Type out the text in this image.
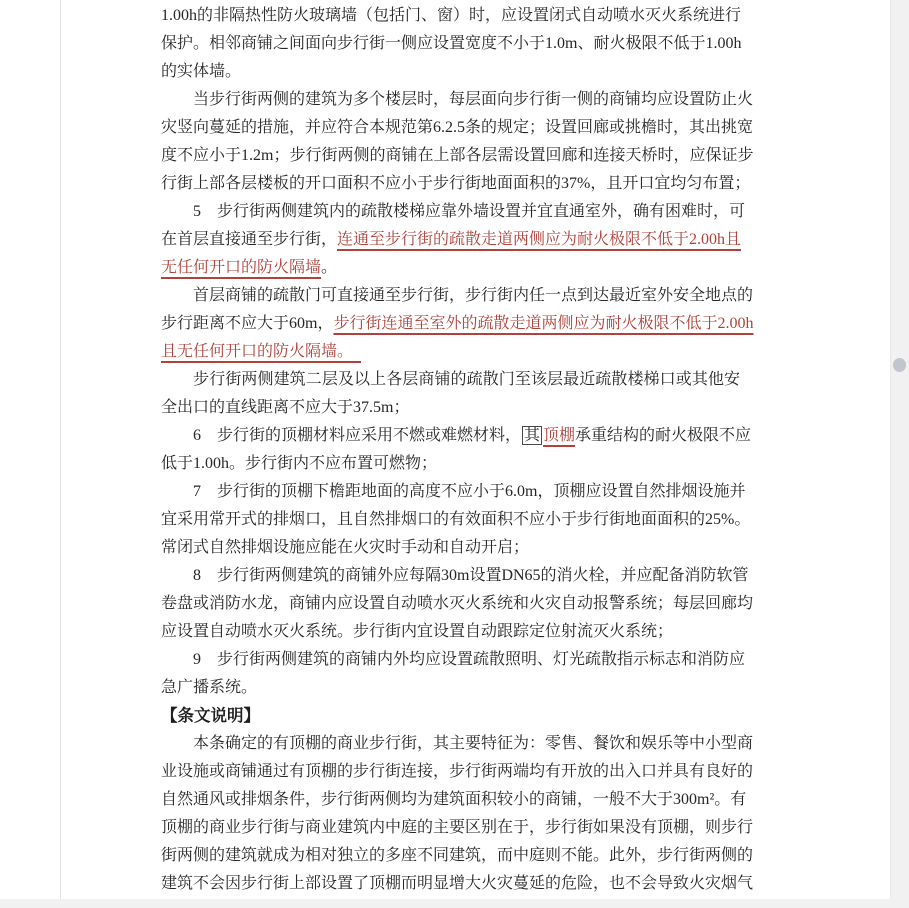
1.00h的非隔热性防火玻璃墙（包括门、窗）时，应设置闭式自动喷水灭火系统进行
保护。相邻商铺之间面向步行街一侧应设置宽度不小于1.0m、耐火极限不低于1.00h
的实体墙。
　　当步行街两侧的建筑为多个楼层时，每层面向步行街一侧的商铺均应设置防止火
灾竖向蔓延的措施，并应符合本规范第6.2.5条的规定；设置回廊或挑檐时，其出挑宽
度不应小于1.2m；步行街两侧的商铺在上部各层需设置回廊和连接天桥时，应保证步
行街上部各层楼板的开口面积不应小于步行街地面面积的37%，且开口宜均匀布置；
　　5　步行街两侧建筑内的疏散楼梯应靠外墙设置并宜直通室外，确有困难时，可
在首层直接通至步行街，连通至步行街的疏散走道两侧应为耐火极限不低于2.00h且
无任何开口的防火隔墙。
　　首层商铺的疏散门可直接通至步行街，步行街内任一点到达最近室外安全地点的
步行距离不应大于60m，步行街连通至室外的疏散走道两侧应为耐火极限不低于2.00h
且无任何开口的防火隔墙。　
　　步行街两侧建筑二层及以上各层商铺的疏散门至该层最近疏散楼梯口或其他安
全出口的直线距离不应大于37.5m；
　　6　步行街的顶棚材料应采用不燃或难燃材料， 其 顶棚承重结构的耐火极限不应
低于1.00h。步行街内不应布置可燃物；
　　7　步行街的顶棚下檐距地面的高度不应小于6.0m，顶棚应设置自然排烟设施并
宜采用常开式的排烟口，且自然排烟口的有效面积不应小于步行街地面面积的25%。
常闭式自然排烟设施应能在火灾时手动和自动开启；
　　8　步行街两侧建筑的商铺外应每隔30m设置DN65的消火栓，并应配备消防软管
卷盘或消防水龙，商铺内应设置自动喷水灭火系统和火灾自动报警系统；每层回廊均
应设置自动喷水灭火系统。步行街内宜设置自动跟踪定位射流灭火系统；
　　9　步行街两侧建筑的商铺内外均应设置疏散照明、灯光疏散指示标志和消防应
急广播系统。
【条文说明】
　　本条确定的有顶棚的商业步行街，其主要特征为：零售、餐饮和娱乐等中小型商
业设施或商铺通过有顶棚的步行街连接，步行街两端均有开放的出入口并具有良好的
自然通风或排烟条件，步行街两侧均为建筑面积较小的商铺，一般不大于300m²。有
顶棚的商业步行街与商业建筑内中庭的主要区别在于，步行街如果没有顶棚，则步行
街两侧的建筑就成为相对独立的多座不同建筑，而中庭则不能。此外，步行街两侧的
建筑不会因步行街上部设置了顶棚而明显增大火灾蔓延的危险，也不会导致火灾烟气
